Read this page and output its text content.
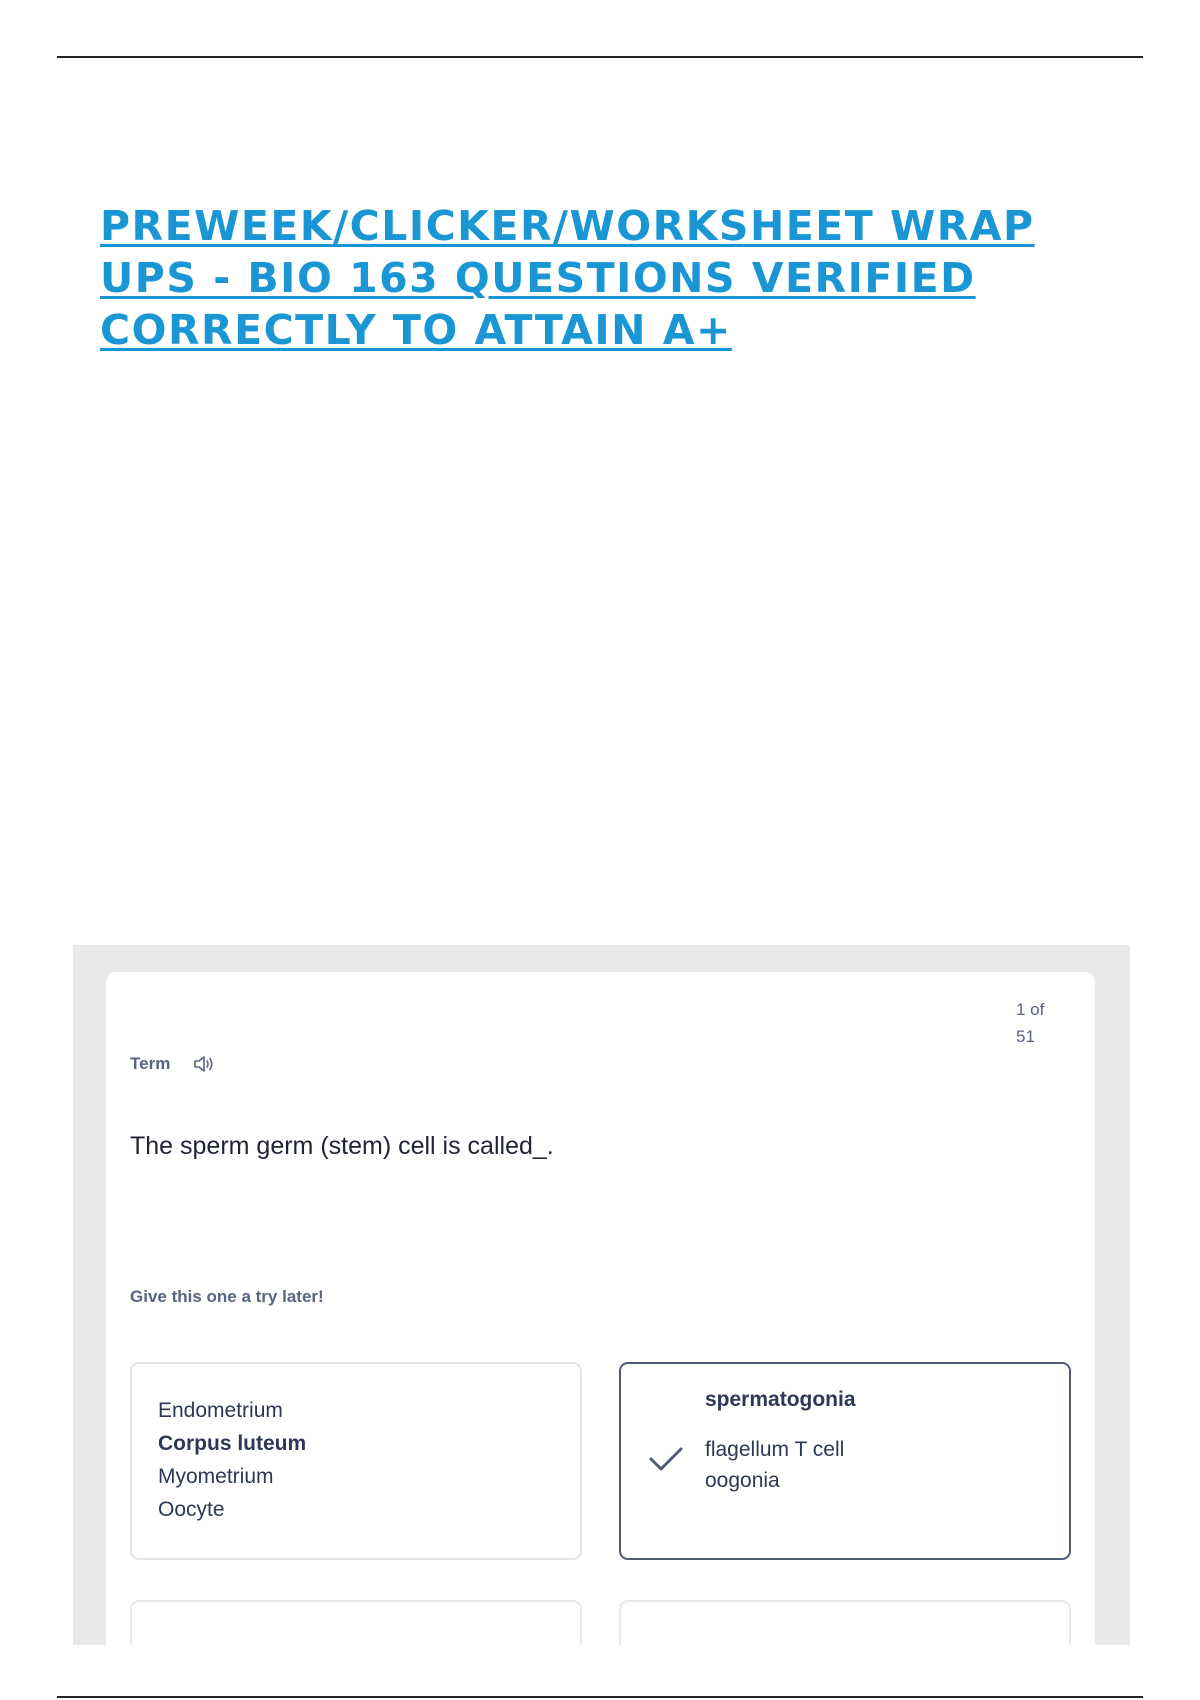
PREWEEK/CLICKER/WORKSHEET WRAP UPS - BIO 163 QUESTIONS VERIFIED CORRECTLY TO ATTAIN A+
1 of 51
Term
The sperm germ (stem) cell is called_.
Give this one a try later!
Endometrium
Corpus luteum
Myometrium
Oocyte
spermatogonia
flagellum T cell
oogonia
